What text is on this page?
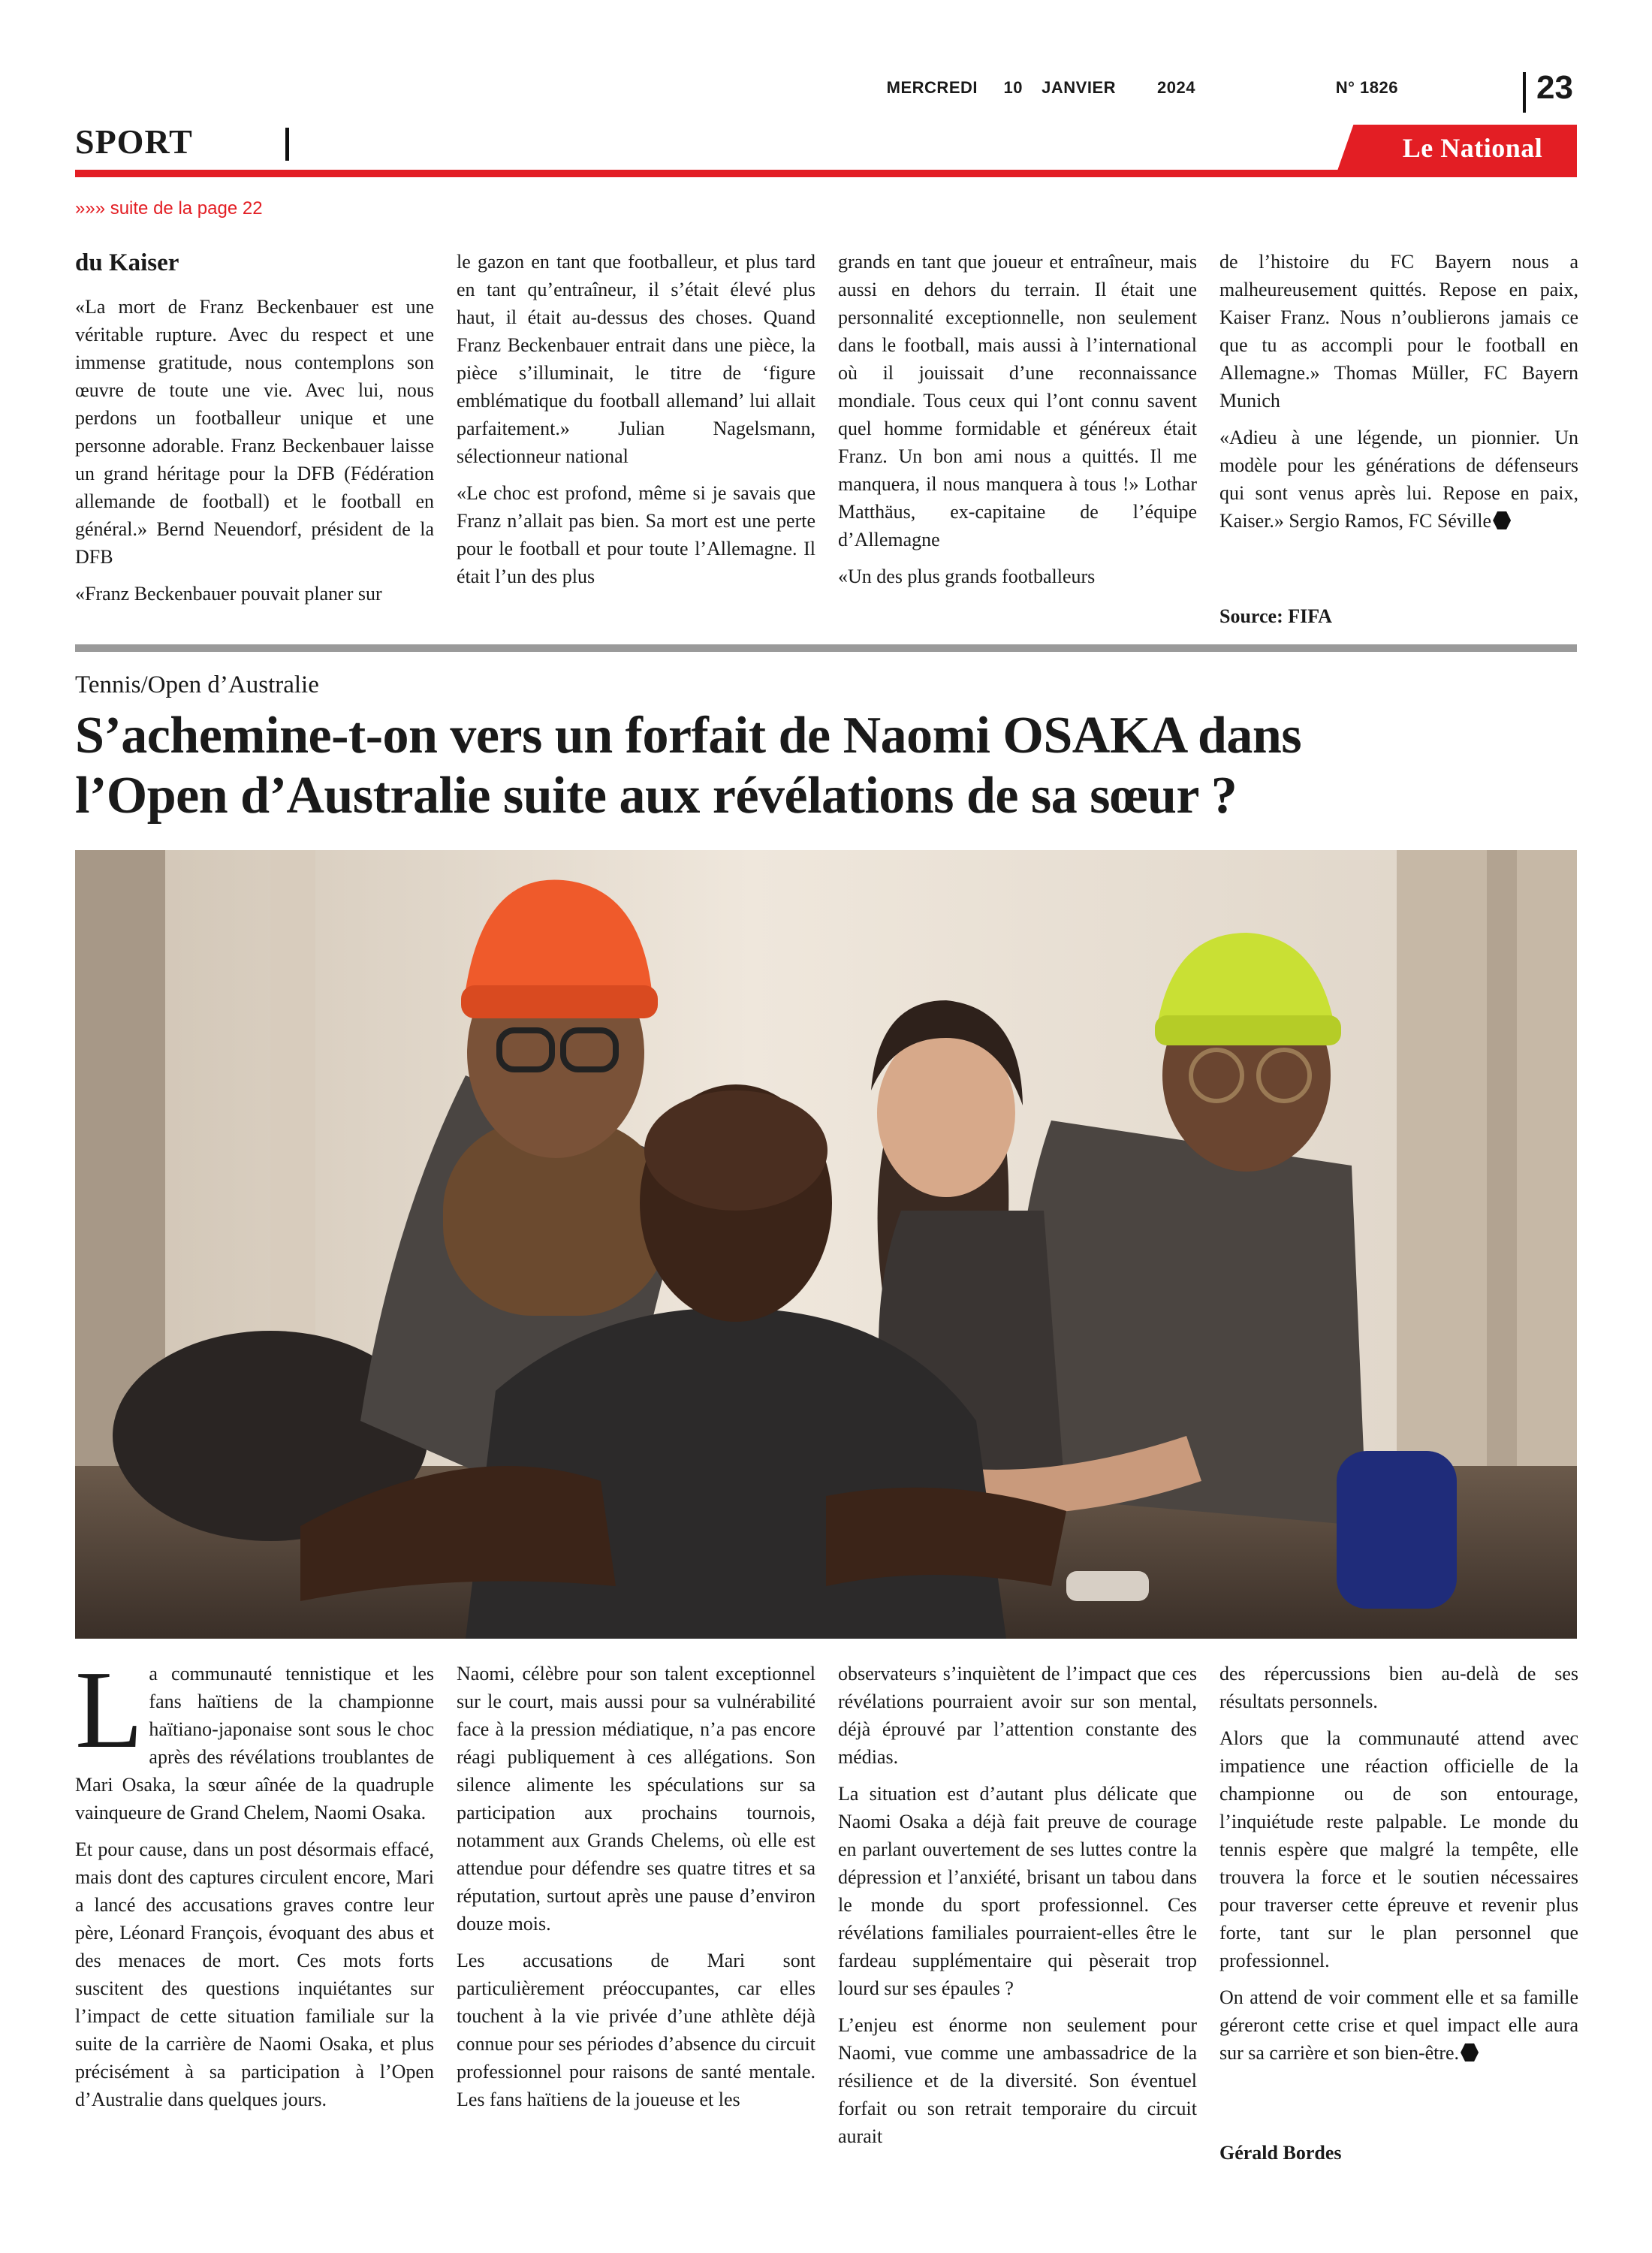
MERCREDI 10 JANVIER	2024	N° 1826	23
SPORT	Le National
»»» suite de la page 22
du Kaiser

«La mort de Franz Beckenbauer est une véritable rupture. Avec du respect et une immense gratitude, nous contemplons son œuvre de toute une vie. Avec lui, nous perdons un footballeur unique et une personne adorable. Franz Beckenbauer laisse un grand héritage pour la DFB (Fédération allemande de football) et le football en général.» Bernd Neuendorf, président de la DFB

«Franz Beckenbauer pouvait planer sur

le gazon en tant que footballeur, et plus tard en tant qu’entraîneur, il s’était élevé plus haut, il était au-dessus des choses. Quand Franz Beckenbauer entrait dans une pièce, la pièce s’illuminait, le titre de ‘figure emblématique du football allemand’ lui allait parfaitement.» Julian Nagelsmann, sélectionneur national

«Le choc est profond, même si je savais que Franz n’allait pas bien. Sa mort est une perte pour le football et pour toute l’Allemagne. Il était l’un des plus

grands en tant que joueur et entraîneur, mais aussi en dehors du terrain. Il était une personnalité exceptionnelle, non seulement dans le football, mais aussi à l’international où il jouissait d’une reconnaissance mondiale. Tous ceux qui l’ont connu savent quel homme formidable et généreux était Franz. Un bon ami nous a quittés. Il me manquera, il nous manquera à tous !» Lothar Matthäus, ex-capitaine de l’équipe d’Allemagne

«Un des plus grands footballeurs

de l’histoire du FC Bayern nous a malheureusement quittés. Repose en paix, Kaiser Franz. Nous n’oublierons jamais ce que tu as accompli pour le football en Allemagne.» Thomas Müller, FC Bayern Munich

«Adieu à une légende, un pionnier. Un modèle pour les générations de défenseurs qui sont venus après lui. Repose en paix, Kaiser.» Sergio Ramos, FC Séville

Source: FIFA
Tennis/Open d’Australie
S’achemine-t-on vers un forfait de Naomi OSAKA dans
l’Open d’Australie suite aux révélations de sa sœur ?

La communauté tennistique et les fans haïtiens de la championne haïtiano-japonaise sont sous le choc après des révélations troublantes de Mari Osaka, la sœur aînée de la quadruple vainqueure de Grand Chelem, Naomi Osaka.

Et pour cause, dans un post désormais effacé, mais dont des captures circulent encore, Mari a lancé des accusations graves contre leur père, Léonard François, évoquant des abus et des menaces de mort. Ces mots forts suscitent des questions inquiétantes sur l’impact de cette situation familiale sur la suite de la carrière de Naomi Osaka, et plus précisément à sa participation à l’Open d’Australie dans quelques jours.

Naomi, célèbre pour son talent exceptionnel sur le court, mais aussi pour sa vulnérabilité face à la pression médiatique, n’a pas encore réagi publiquement à ces allégations. Son silence alimente les spéculations sur sa participation aux prochains tournois, notamment aux Grands Chelems, où elle est attendue pour défendre ses quatre titres et sa réputation, surtout après une pause d’environ douze mois.

Les accusations de Mari sont particulièrement préoccupantes, car elles touchent à la vie privée d’une athlète déjà connue pour ses périodes d’absence du circuit professionnel pour raisons de santé mentale. Les fans haïtiens de la joueuse et les

observateurs s’inquiètent de l’impact que ces révélations pourraient avoir sur son mental, déjà éprouvé par l’attention constante des médias.

La situation est d’autant plus délicate que Naomi Osaka a déjà fait preuve de courage en parlant ouvertement de ses luttes contre la dépression et l’anxiété, brisant un tabou dans le monde du sport professionnel. Ces révélations familiales pourraient-elles être le fardeau supplémentaire qui pèserait trop lourd sur ses épaules ?

L’enjeu est énorme non seulement pour Naomi, vue comme une ambassadrice de la résilience et de la diversité. Son éventuel forfait ou son retrait temporaire du circuit aurait

des répercussions bien au-delà de ses résultats personnels.

Alors que la communauté attend avec impatience une réaction officielle de la championne ou de son entourage, l’inquiétude reste palpable. Le monde du tennis espère que malgré la tempête, elle trouvera la force et le soutien nécessaires pour traverser cette épreuve et revenir plus forte, tant sur le plan personnel que professionnel.

On attend de voir comment elle et sa famille géreront cette crise et quel impact elle aura sur sa carrière et son bien-être.

Gérald Bordes
